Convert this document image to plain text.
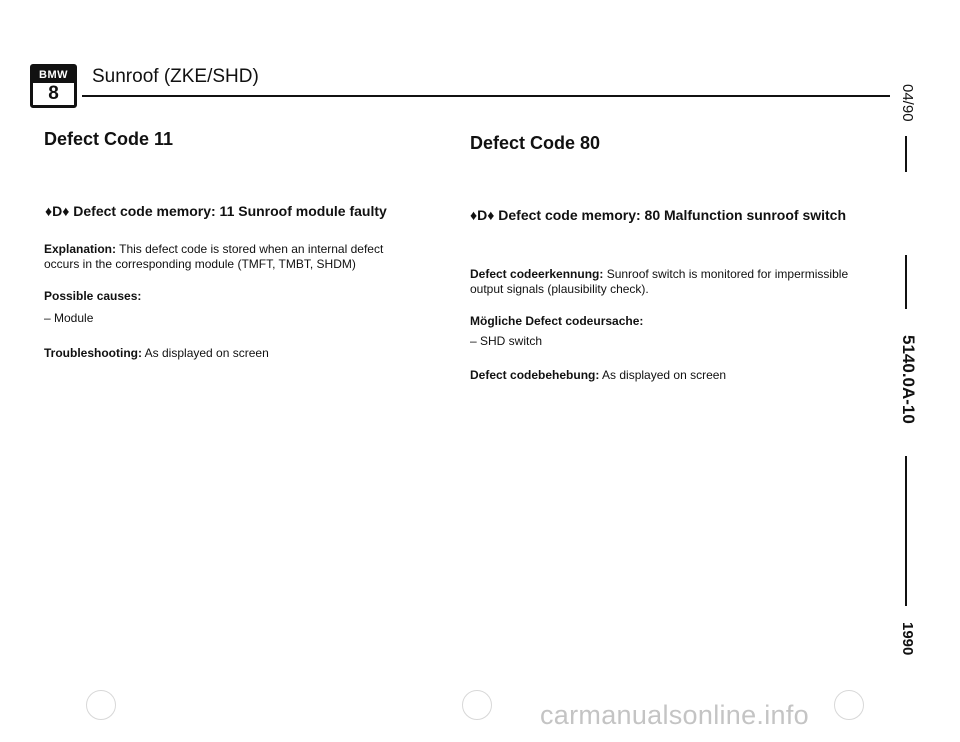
BMW
8
Sunroof (ZKE/SHD)
Defect Code 11
♦D♦ Defect code memory: 11 Sunroof module faulty
Explanation: This defect code is stored when an internal defect occurs in the corresponding module (TMFT, TMBT, SHDM)
Possible causes:
– Module
Troubleshooting: As displayed on screen
Defect Code 80
♦D♦ Defect code memory: 80 Malfunction sunroof switch
Defect codeerkennung: Sunroof switch is monitored for impermissible output signals (plausibility check).
Mögliche Defect codeursache:
– SHD switch
Defect codebehebung: As displayed on screen
04/90
5140.0A-10
1990
carmanualsonline.info
